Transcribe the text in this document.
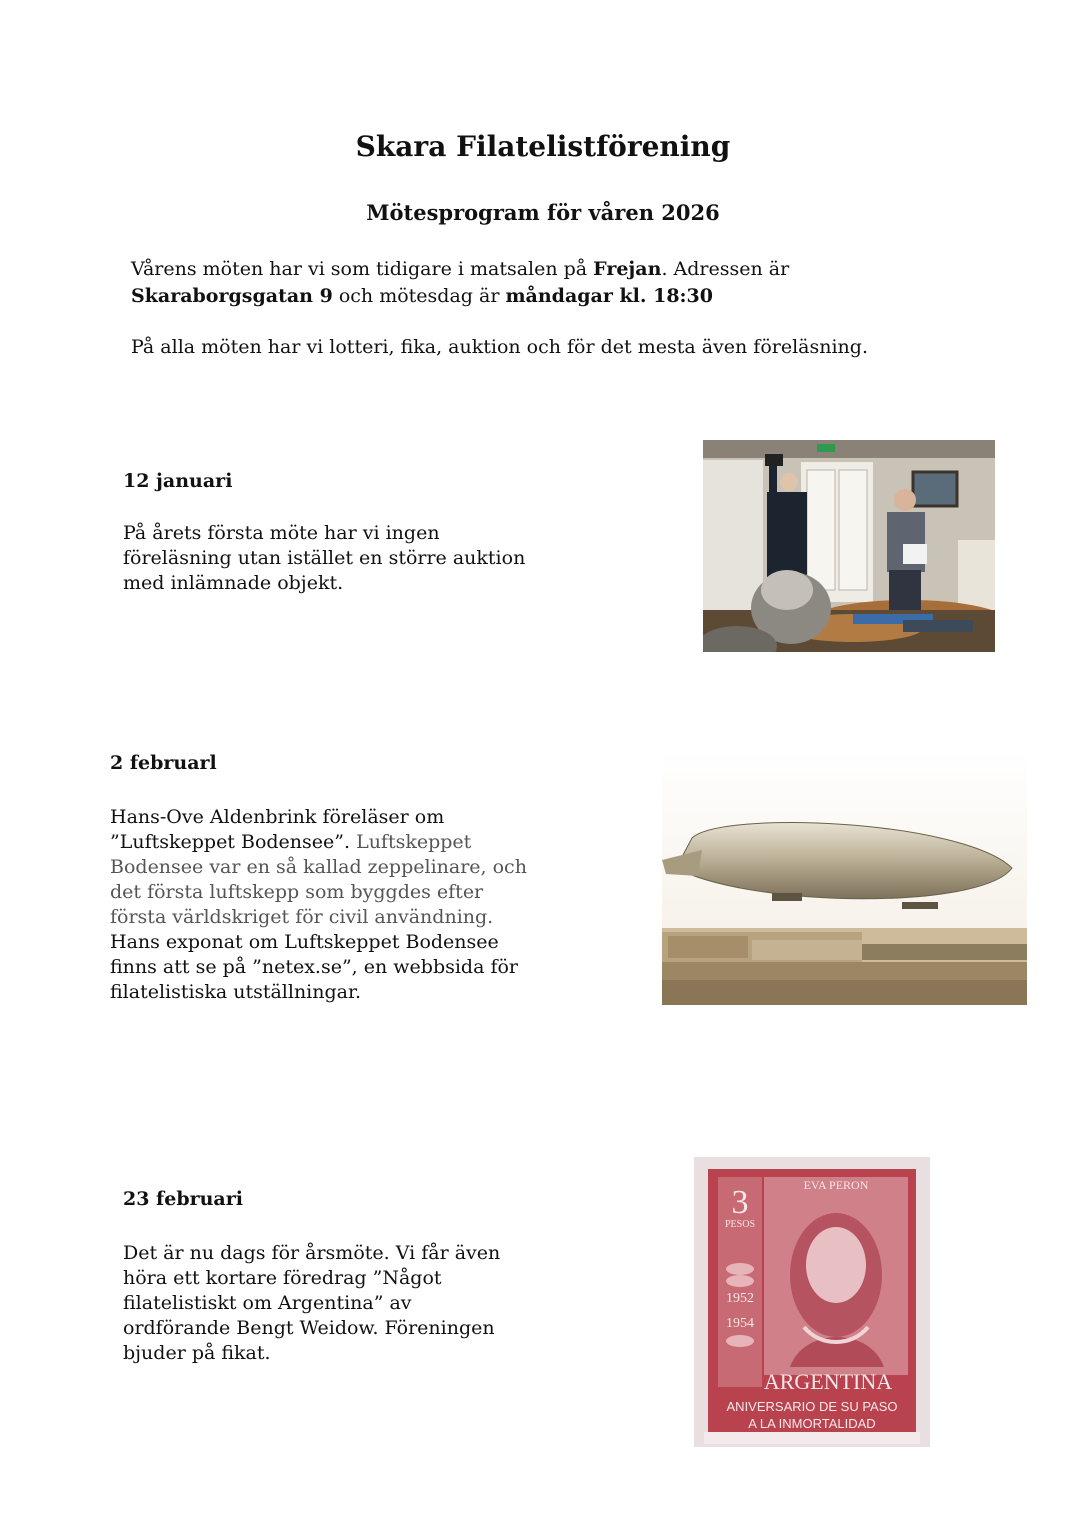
Skara Filatelistförening
Mötesprogram för våren 2026
Vårens möten har vi som tidigare i matsalen på Frejan. Adressen är
Skaraborgsgatan 9 och mötesdag är måndagar kl. 18:30
På alla möten har vi lotteri, fika, auktion och för det mesta även föreläsning.
12 januari
På årets första möte har vi ingen
föreläsning utan istället en större auktion
med inlämnade objekt.
2 februarl
Hans-Ove Aldenbrink föreläser om
”Luftskeppet Bodensee”. Luftskeppet
Bodensee var en så kallad zeppelinare, och
det första luftskepp som byggdes efter
första världskriget för civil användning.
Hans exponat om Luftskeppet Bodensee
finns att se på ”netex.se”, en webbsida för
filatelistiska utställningar.
23 februari
Det är nu dags för årsmöte. Vi får även
höra ett kortare föredrag ”Något
filatelistiskt om Argentina” av
ordförande Bengt Weidow. Föreningen
bjuder på fikat.
3
PESOS
EVA PERON
1952
1954
ARGENTINA
ANIVERSARIO DE SU PASO
A LA INMORTALIDAD
